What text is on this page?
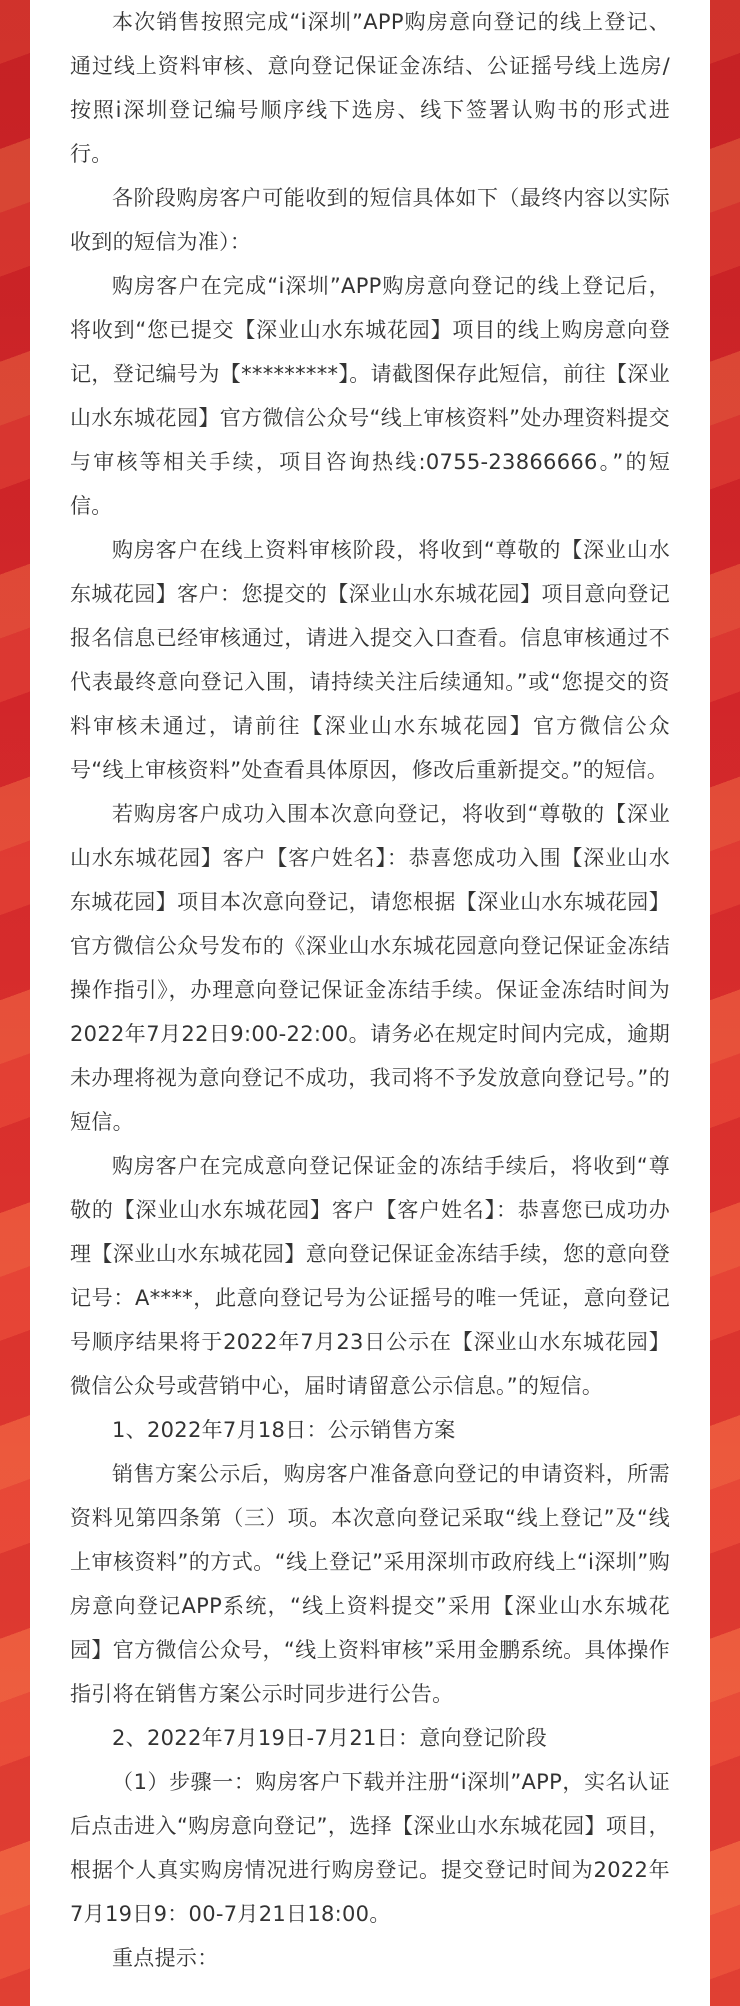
本次销售按照完成“i深圳”APP购房意向登记的线上登记、通过线上资料审核、意向登记保证金冻结、公证摇号线上选房/按照i深圳登记编号顺序线下选房、线下签署认购书的形式进行。

各阶段购房客户可能收到的短信具体如下（最终内容以实际收到的短信为准）：

购房客户在完成“i深圳”APP购房意向登记的线上登记后，将收到“您已提交【深业山水东城花园】项目的线上购房意向登记，登记编号为【*********】。请截图保存此短信，前往【深业山水东城花园】官方微信公众号“线上审核资料”处办理资料提交与审核等相关手续，项目咨询热线:0755-23866666。”的短信。

购房客户在线上资料审核阶段，将收到“尊敬的【深业山水东城花园】客户：您提交的【深业山水东城花园】项目意向登记报名信息已经审核通过，请进入提交入口查看。信息审核通过不代表最终意向登记入围，请持续关注后续通知。”或“您提交的资料审核未通过，请前往【深业山水东城花园】官方微信公众号“线上审核资料”处查看具体原因，修改后重新提交。”的短信。

若购房客户成功入围本次意向登记，将收到“尊敬的【深业山水东城花园】客户【客户姓名】：恭喜您成功入围【深业山水东城花园】项目本次意向登记，请您根据【深业山水东城花园】官方微信公众号发布的《深业山水东城花园意向登记保证金冻结操作指引》，办理意向登记保证金冻结手续。保证金冻结时间为2022年7月22日9:00-22:00。请务必在规定时间内完成，逾期未办理将视为意向登记不成功，我司将不予发放意向登记号。”的短信。

购房客户在完成意向登记保证金的冻结手续后，将收到“尊敬的【深业山水东城花园】客户【客户姓名】：恭喜您已成功办理【深业山水东城花园】意向登记保证金冻结手续，您的意向登记号：A****，此意向登记号为公证摇号的唯一凭证，意向登记号顺序结果将于2022年7月23日公示在【深业山水东城花园】微信公众号或营销中心，届时请留意公示信息。”的短信。

1、2022年7月18日：公示销售方案

销售方案公示后，购房客户准备意向登记的申请资料，所需资料见第四条第（三）项。本次意向登记采取“线上登记”及“线上审核资料”的方式。“线上登记”采用深圳市政府线上“i深圳”购房意向登记APP系统，“线上资料提交”采用【深业山水东城花园】官方微信公众号，“线上资料审核”采用金鹏系统。具体操作指引将在销售方案公示时同步进行公告。

2、2022年7月19日-7月21日：意向登记阶段

（1）步骤一：购房客户下载并注册“i深圳”APP，实名认证后点击进入“购房意向登记”，选择【深业山水东城花园】项目，根据个人真实购房情况进行购房登记。提交登记时间为2022年7月19日9：00-7月21日18:00。

重点提示：
